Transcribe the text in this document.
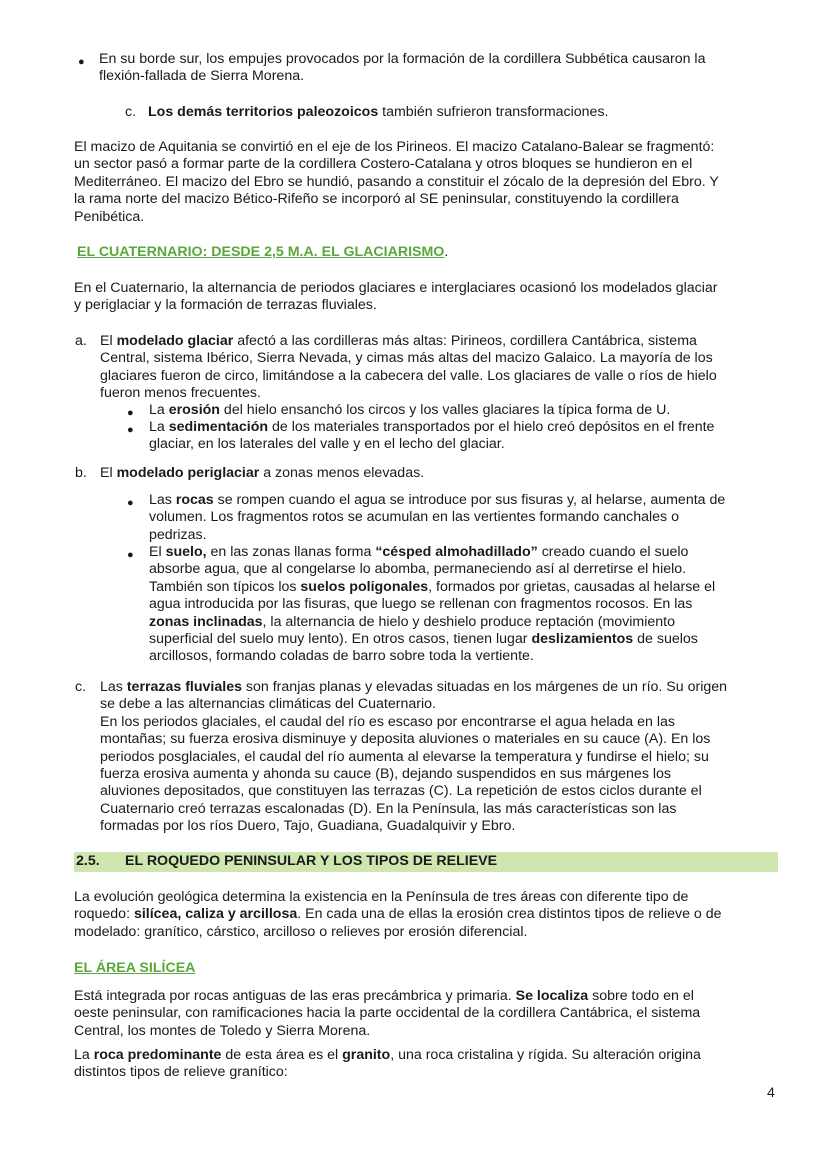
● En su borde sur, los empujes provocados por la formación de la cordillera Subbética causaron la

flexión-fallada de Sierra Morena.

c. Los demás territorios paleozoicos también sufrieron transformaciones.

El macizo de Aquitania se convirtió en el eje de los Pirineos. El macizo Catalano-Balear se fragmentó:

un sector pasó a formar parte de la cordillera Costero-Catalana y otros bloques se hundieron en el

Mediterráneo. El macizo del Ebro se hundió, pasando a constituir el zócalo de la depresión del Ebro. Y

la rama norte del macizo Bético-Rifeño se incorporó al SE peninsular, constituyendo la cordillera

Penibética.

EL CUATERNARIO: DESDE 2,5 M.A. EL GLACIARISMO.

En el Cuaternario, la alternancia de periodos glaciares e interglaciares ocasionó los modelados glaciar

y periglaciar y la formación de terrazas fluviales.

a. El modelado glaciar afectó a las cordilleras más altas: Pirineos, cordillera Cantábrica, sistema

Central, sistema Ibérico, Sierra Nevada, y cimas más altas del macizo Galaico. La mayoría de los

glaciares fueron de circo, limitándose a la cabecera del valle. Los glaciares de valle o ríos de hielo

fueron menos frecuentes.

● La erosión del hielo ensanchó los circos y los valles glaciares la típica forma de U.

● La sedimentación de los materiales transportados por el hielo creó depósitos en el frente

glaciar, en los laterales del valle y en el lecho del glaciar.

b. El modelado periglaciar a zonas menos elevadas.

● Las rocas se rompen cuando el agua se introduce por sus fisuras y, al helarse, aumenta de

volumen. Los fragmentos rotos se acumulan en las vertientes formando canchales o

pedrizas.

● El suelo, en las zonas llanas forma “césped almohadillado” creado cuando el suelo

absorbe agua, que al congelarse lo abomba, permaneciendo así al derretirse el hielo.

También son típicos los suelos poligonales, formados por grietas, causadas al helarse el

agua introducida por las fisuras, que luego se rellenan con fragmentos rocosos. En las

zonas inclinadas, la alternancia de hielo y deshielo produce reptación (movimiento

superficial del suelo muy lento). En otros casos, tienen lugar deslizamientos de suelos

arcillosos, formando coladas de barro sobre toda la vertiente.

c. Las terrazas fluviales son franjas planas y elevadas situadas en los márgenes de un río. Su origen

se debe a las alternancias climáticas del Cuaternario.

En los periodos glaciales, el caudal del río es escaso por encontrarse el agua helada en las

montañas; su fuerza erosiva disminuye y deposita aluviones o materiales en su cauce (A). En los

periodos posglaciales, el caudal del río aumenta al elevarse la temperatura y fundirse el hielo; su

fuerza erosiva aumenta y ahonda su cauce (B), dejando suspendidos en sus márgenes los

aluviones depositados, que constituyen las terrazas (C). La repetición de estos ciclos durante el

Cuaternario creó terrazas escalonadas (D). En la Península, las más características son las

formadas por los ríos Duero, Tajo, Guadiana, Guadalquivir y Ebro.

2.5. EL ROQUEDO PENINSULAR Y LOS TIPOS DE RELIEVE

La evolución geológica determina la existencia en la Península de tres áreas con diferente tipo de

roquedo: silícea, caliza y arcillosa. En cada una de ellas la erosión crea distintos tipos de relieve o de

modelado: granítico, cárstico, arcilloso o relieves por erosión diferencial.

EL ÁREA SILÍCEA

Está integrada por rocas antiguas de las eras precámbrica y primaria. Se localiza sobre todo en el

oeste peninsular, con ramificaciones hacia la parte occidental de la cordillera Cantábrica, el sistema

Central, los montes de Toledo y Sierra Morena.

La roca predominante de esta área es el granito, una roca cristalina y rígida. Su alteración origina

distintos tipos de relieve granítico:

4
